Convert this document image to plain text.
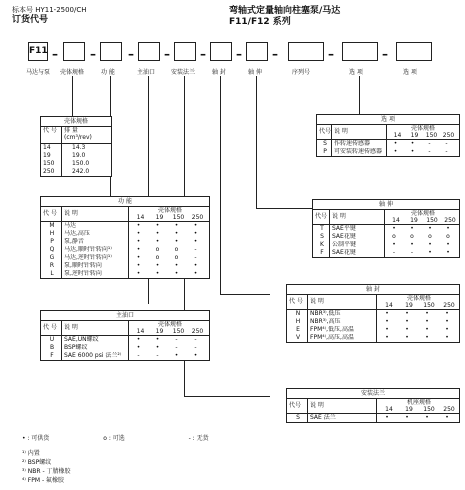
标本号 HY11-2500/CH
订货代号
弯轴式定量轴向柱塞泵/马达
F11/F12 系列
F11 –	–	–	–	–	–	–	–	–
马达与泵 壳体规格	功 能	主油口	安装法兰	轴 封	轴 伸	序列号	选 项	选 项
壳体规格
代 号	排 量
(cm³/rev)
14	14.3
19	19.0
150	150.0
250	242.0
选 项
代号 说 明	壳体规格
14	19	150 250
S	作转速传感器	•	•	-	-
P	可安装转速传感器	•	•	-	-
功 能
代 号	说 明	壳体规格
14	19	150	250
M	马达	•	•	•	•
H	马达,高压	•	•	•	•
P	泵,静音	•	•	•	•
Q	马达,顺时针转向¹⁾	•	o	o	-
G	马达,逆时针转向¹⁾	•	o	o	-
R	泵,顺时针转向	•	•	•	•
L	泵,逆时针转向	•	•	•	•
轴 伸
代号 说 明	壳体规格
14	19	150	250
T	SAE平键	•	•	•	•
S	SAE花键	o	o	o	o
K	公制平键	•	•	•	•
F	SAE花键	-	-	•	•
轴 封
代 号	说 明	壳体规格
14	19	150	250
N	NBR³⁾,低压	•	•	•	•
H	NBR³⁾,高压	•	•	•	•
E	FPM⁴⁾,低压,高温	•	•	•	•
V	FPM⁴⁾,高压,高温	•	•	•	•
主油口
代 号	说 明	壳体规格
14	19	150	250
U	SAE,UN螺纹	•	•	-	-
B	BSP螺纹	•	•	-	-
F	SAE 6000 psi 法兰²⁾	-	-	•	•
安装法兰
代号	说 明	机座规格
14	19	150	250
S	SAE 法兰	•	•	•	•
• : 可供货	o : 可选	- : 无货
¹⁾ 内置
²⁾ BSP螺纹
³⁾ NBR - 丁腈橡胶
⁴⁾ FPM - 氟橡胶
